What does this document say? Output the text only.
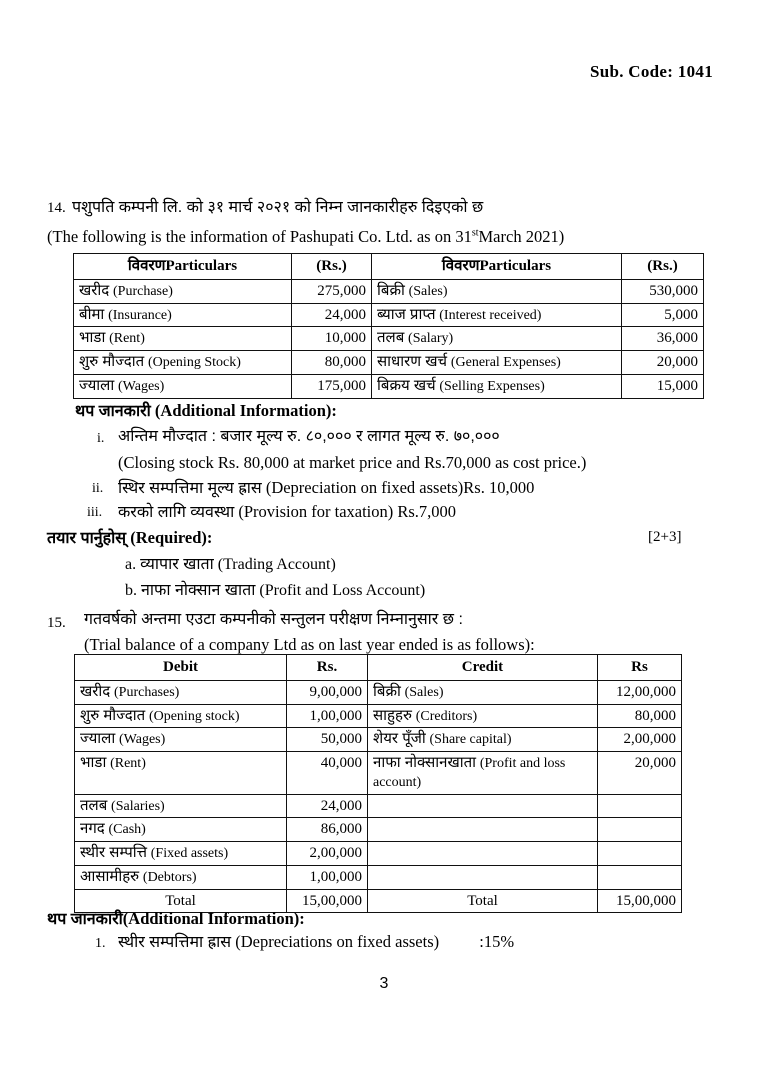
Sub. Code: 1041
14. पशुपति कम्पनी लि. को ३१ मार्च २०२१ को निम्न जानकारीहरु दिइएको छ
(The following is the information of Pashupati Co. Ltd. as on 31stMarch 2021)
विवरणParticulars	(Rs.)	विवरणParticulars	(Rs.)
खरीद (Purchase)	275,000	बिक्री (Sales)	530,000
बीमा (Insurance)	24,000	ब्याज प्राप्त (Interest received)	5,000
भाडा (Rent)	10,000	तलब (Salary)	36,000
शुरु मौज्दात (Opening Stock)	80,000	साधारण खर्च (General Expenses)	20,000
ज्याला (Wages)	175,000	बिक्रय खर्च (Selling Expenses)	15,000
थप जानकारी (Additional Information):
i. अन्तिम मौज्दात : बजार मूल्य रु. ८०,००० र लागत मूल्य रु. ७०,०००
(Closing stock Rs. 80,000 at market price and Rs.70,000 as cost price.)
ii. स्थिर सम्पत्तिमा मूल्य ह्रास (Depreciation on fixed assets)Rs. 10,000
iii. करको लागि व्यवस्था (Provision for taxation) Rs.7,000
तयार पार्नुहोस् (Required):	[2+3]
a. व्यापार खाता (Trading Account)
b. नाफा नोक्सान खाता (Profit and Loss Account)
15. गतवर्षको अन्तमा एउटा कम्पनीको सन्तुलन परीक्षण निम्नानुसार छ :
(Trial balance of a company Ltd as on last year ended is as follows):
Debit	Rs.	Credit	Rs
खरीद (Purchases)	9,00,000	बिक्री (Sales)	12,00,000
शुरु मौज्दात (Opening stock)	1,00,000	साहुहरु (Creditors)	80,000
ज्याला (Wages)	50,000	शेयर पूँजी (Share capital)	2,00,000
भाडा (Rent)	40,000	नाफा नोक्सानखाता (Profit and loss account)	20,000
तलब (Salaries)	24,000		
नगद (Cash)	86,000		
स्थीर सम्पत्ति (Fixed assets)	2,00,000		
आसामीहरु (Debtors)	1,00,000		
Total	15,00,000	Total	15,00,000
थप जानकारी(Additional Information):
1. स्थीर सम्पत्तिमा ह्रास (Depreciations on fixed assets) :15%
3
